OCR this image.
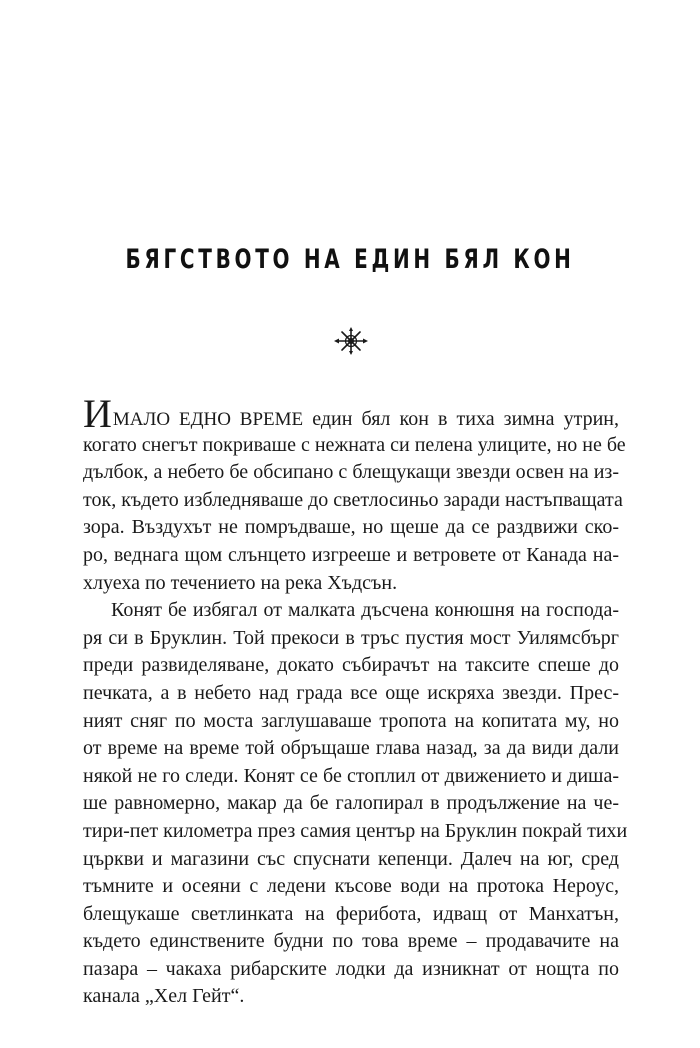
БЯГСТВОТО НА ЕДИН БЯЛ КОН
ИМАЛО ЕДНО ВРЕМЕ един бял кон в тиха зимна утрин,
когато снегът покриваше с нежната си пелена улиците, но не бе
дълбок, а небето бе обсипано с блещукащи звезди освен на из-
ток, където избледняваше до светлосиньо заради настъпващата
зора. Въздухът не помръдваше, но щеше да се раздвижи ско-
ро, веднага щом слънцето изгрееше и ветровете от Канада на-
хлуеха по течението на река Хъдсън.
Конят бе избягал от малката дъсчена конюшня на господа-
ря си в Бруклин. Той прекоси в тръс пустия мост Уилямсбърг
преди развиделяване, докато събирачът на таксите спеше до
печката, а в небето над града все още искряха звезди. Прес-
ният сняг по моста заглушаваше тропота на копитата му, но
от време на време той обръщаше глава назад, за да види дали
някой не го следи. Конят се бе стоплил от движението и диша-
ше равномерно, макар да бе галопирал в продължение на че-
тири-пет километра през самия център на Бруклин покрай тихи
църкви и магазини със спуснати кепенци. Далеч на юг, сред
тъмните и осеяни с ледени късове води на протока Нероус,
блещукаше светлинката на ферибота, идващ от Манхатън,
където единствените будни по това време – продавачите на
пазара – чакаха рибарските лодки да изникнат от нощта по
канала „Хел Гейт“.
